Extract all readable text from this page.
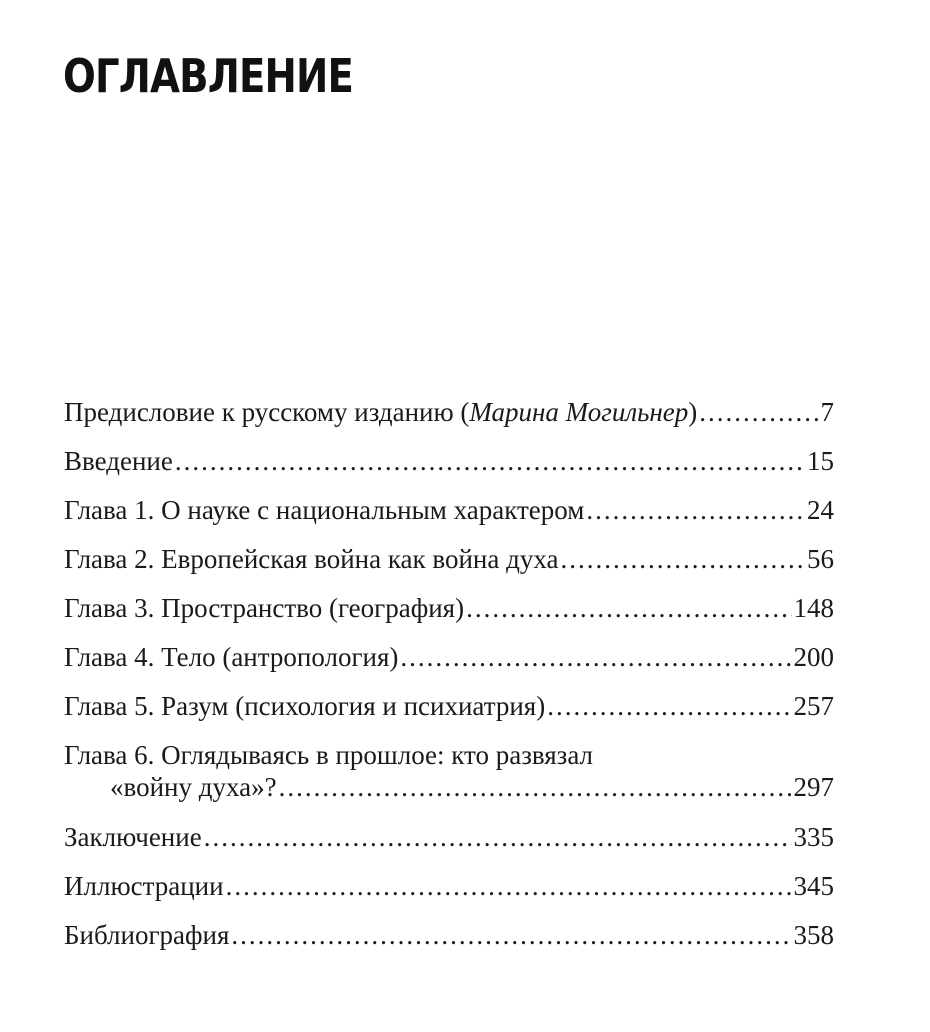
ОГЛАВЛЕНИЕ
Предисловие к русскому изданию (Марина Могильнер) .....	7
Введение .....	15
Глава 1. О науке с национальным характером .....	24
Глава 2. Европейская война как война духа .....	56
Глава 3. Пространство (география) .....	148
Глава 4. Тело (антропология) .....	200
Глава 5. Разум (психология и психиатрия) .....	257
Глава 6. Оглядываясь в прошлое: кто развязал
«войну духа»? .....	297
Заключение .....	335
Иллюстрации .....	345
Библиография .....	358
